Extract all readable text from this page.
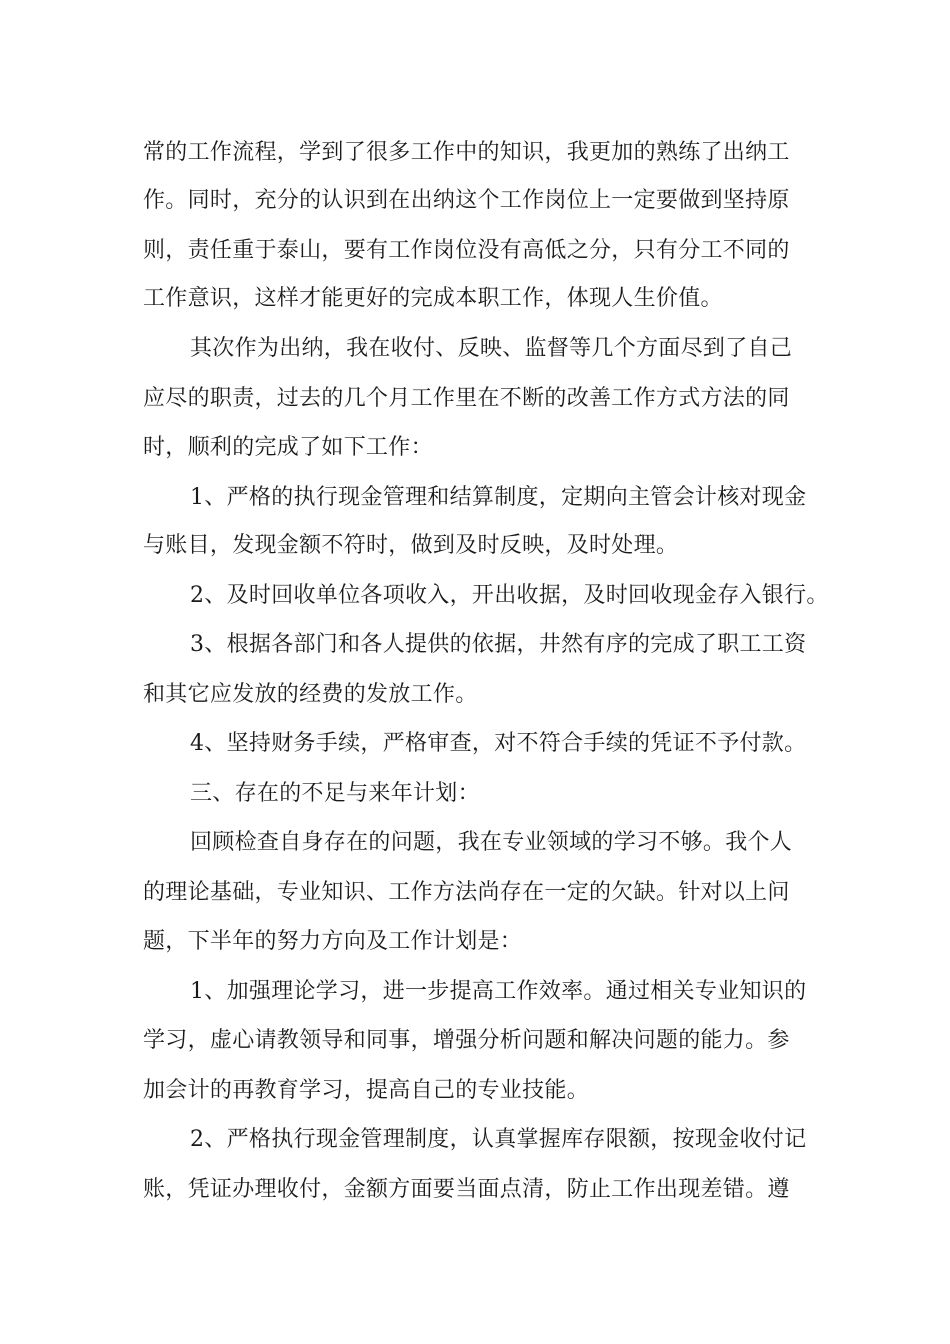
常的工作流程，学到了很多工作中的知识，我更加的熟练了出纳工
作。同时，充分的认识到在出纳这个工作岗位上一定要做到坚持原
则，责任重于泰山，要有工作岗位没有高低之分，只有分工不同的
工作意识，这样才能更好的完成本职工作，体现人生价值。
其次作为出纳，我在收付、反映、监督等几个方面尽到了自己
应尽的职责，过去的几个月工作里在不断的改善工作方式方法的同
时，顺利的完成了如下工作：
1、严格的执行现金管理和结算制度，定期向主管会计核对现金
与账目，发现金额不符时，做到及时反映，及时处理。
2、及时回收单位各项收入，开出收据，及时回收现金存入银行。
3、根据各部门和各人提供的依据，井然有序的完成了职工工资
和其它应发放的经费的发放工作。
4、坚持财务手续，严格审查，对不符合手续的凭证不予付款。
三、存在的不足与来年计划：
回顾检查自身存在的问题，我在专业领域的学习不够。我个人
的理论基础，专业知识、工作方法尚存在一定的欠缺。针对以上问
题，下半年的努力方向及工作计划是：
1、加强理论学习，进一步提高工作效率。通过相关专业知识的
学习，虚心请教领导和同事，增强分析问题和解决问题的能力。参
加会计的再教育学习，提高自己的专业技能。
2、严格执行现金管理制度，认真掌握库存限额，按现金收付记
账，凭证办理收付，金额方面要当面点清，防止工作出现差错。遵
